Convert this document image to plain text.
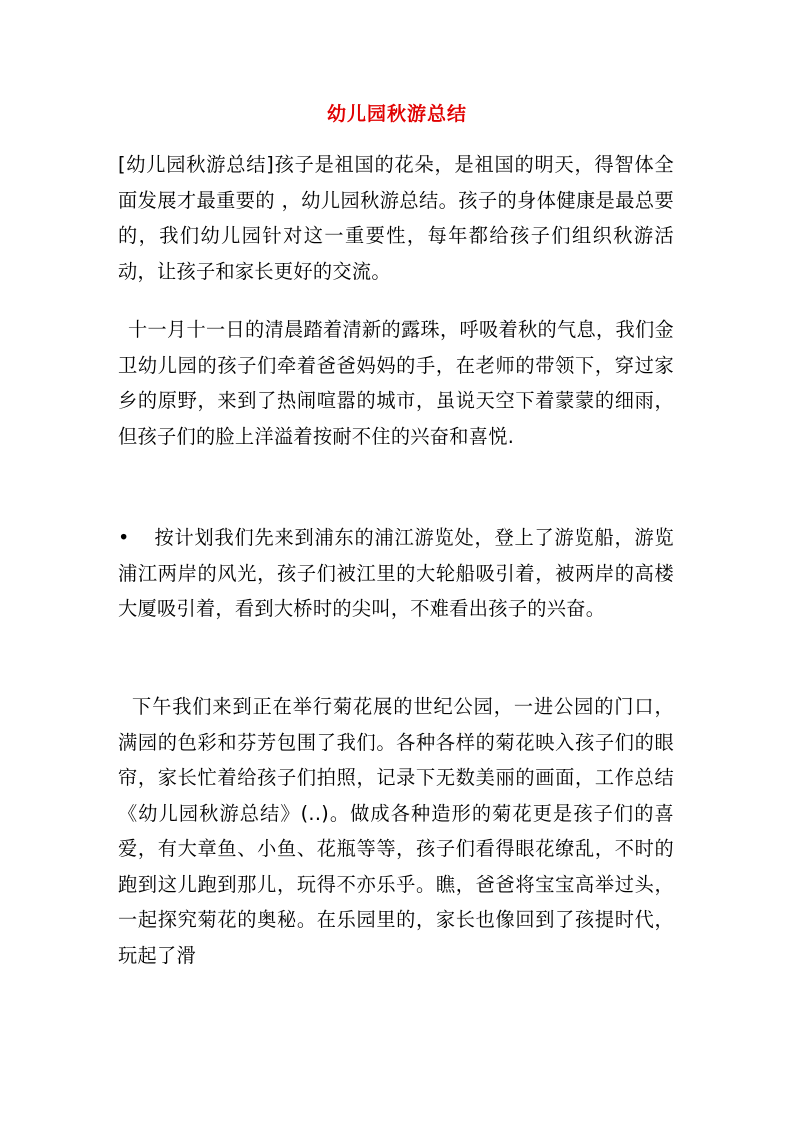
幼儿园秋游总结
[幼儿园秋游总结]孩子是祖国的花朵，是祖国的明天，得智体全面发展才最重要的 ，幼儿园秋游总结。孩子的身体健康是最总要的，我们幼儿园针对这一重要性，每年都给孩子们组织秋游活动，让孩子和家长更好的交流。
十一月十一日的清晨踏着清新的露珠，呼吸着秋的气息，我们金卫幼儿园的孩子们牵着爸爸妈妈的手，在老师的带领下，穿过家乡的原野，来到了热闹喧嚣的城市，虽说天空下着蒙蒙的细雨，但孩子们的脸上洋溢着按耐不住的兴奋和喜悦.
• 按计划我们先来到浦东的浦江游览处，登上了游览船，游览浦江两岸的风光，孩子们被江里的大轮船吸引着，被两岸的高楼大厦吸引着，看到大桥时的尖叫，不难看出孩子的兴奋。
下午我们来到正在举行菊花展的世纪公园，一进公园的门口，满园的色彩和芬芳包围了我们。各种各样的菊花映入孩子们的眼帘，家长忙着给孩子们拍照，记录下无数美丽的画面，工作总结《幼儿园秋游总结》(..)。做成各种造形的菊花更是孩子们的喜爱，有大章鱼、小鱼、花瓶等等，孩子们看得眼花缭乱，不时的跑到这儿跑到那儿，玩得不亦乐乎。瞧，爸爸将宝宝高举过头，一起探究菊花的奥秘。在乐园里的，家长也像回到了孩提时代，玩起了滑
